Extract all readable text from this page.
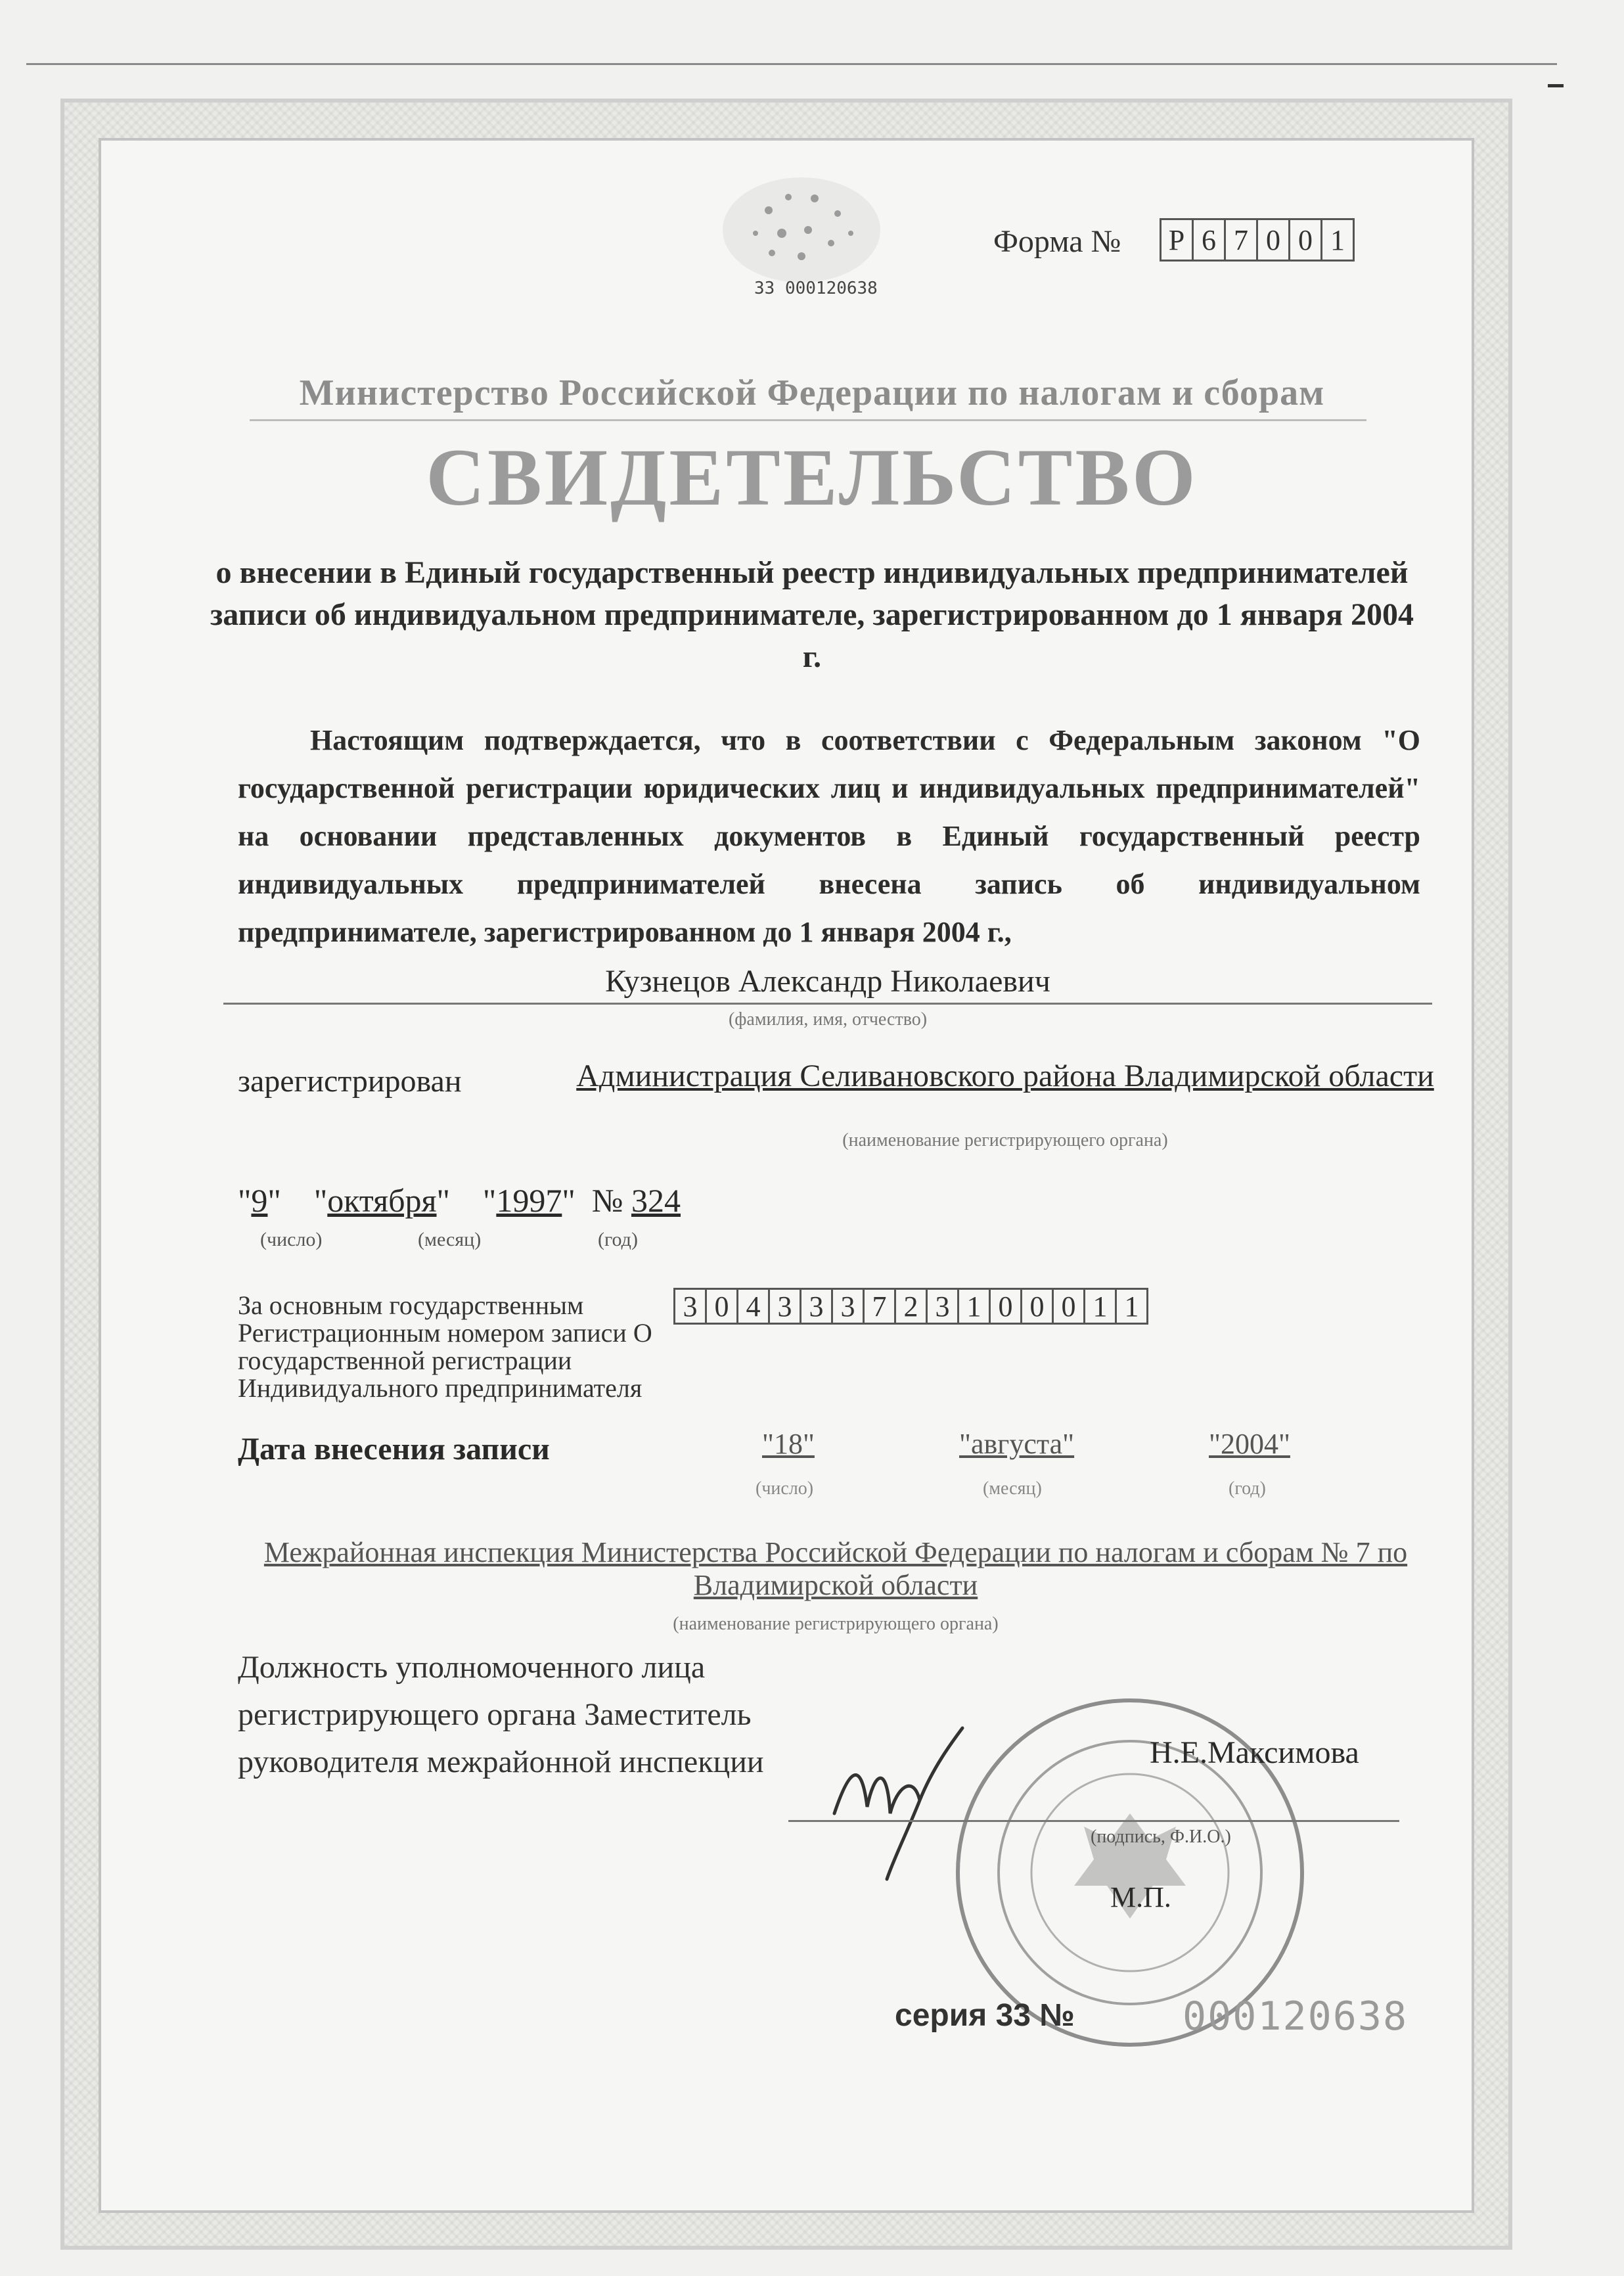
Форма №	Р 6 7 0 0 1
33 000120638
Министерство Российской Федерации по налогам и сборам
СВИДЕТЕЛЬСТВО
о внесении в Единый государственный реестр индивидуальных предпринимателей записи об индивидуальном предпринимателе, зарегистрированном до 1 января 2004 г.
Настоящим подтверждается, что в соответствии с Федеральным законом "О государственной регистрации юридических лиц и индивидуальных предпринимателей" на основании представленных документов в Единый государственный реестр индивидуальных предпринимателей внесена запись об индивидуальном предпринимателе, зарегистрированном до 1 января 2004 г.,
Кузнецов Александр Николаевич
(фамилия, имя, отчество)
зарегистрирован	Администрация Селивановского района Владимирской области
(наименование регистрирующего органа)
"9"    "октября"    "1997"  № 324
(число)	(месяц)	(год)
За основным государственным Регистрационным номером записи О государственной регистрации Индивидуального предпринимателя
3 0 4 3 3 3 7 2 3 1 0 0 0 1 1
Дата внесения записи	"18"	"августа"	"2004"
(число)	(месяц)	(год)
Межрайонная инспекция Министерства Российской Федерации по налогам и сборам № 7 по Владимирской области
(наименование регистрирующего органа)
Должность уполномоченного лица регистрирующего органа Заместитель руководителя межрайонной инспекции	Н.Е.Максимова
(подпись, Ф.И.О.)
М.П.
серия 33 №	000120638
